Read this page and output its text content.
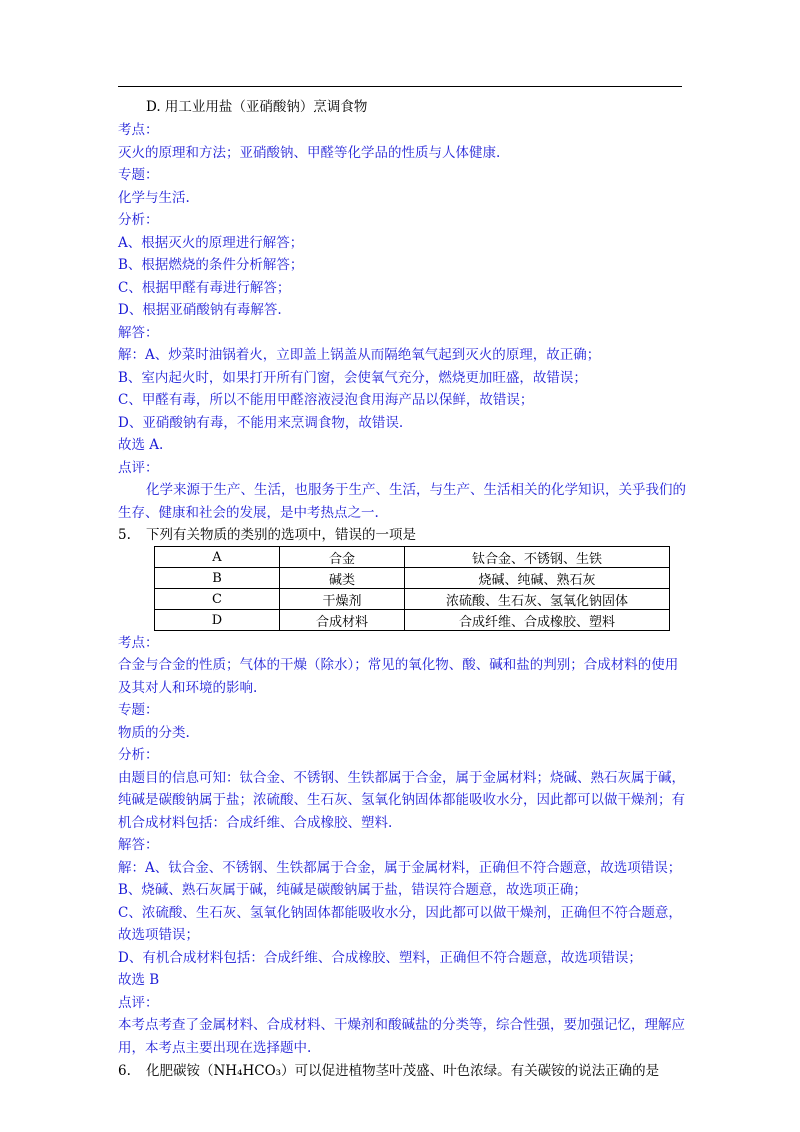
D. 用工业用盐（亚硝酸钠）烹调食物
考点：
灭火的原理和方法；亚硝酸钠、甲醛等化学品的性质与人体健康.
专题：
化学与生活.
分析：
A、根据灭火的原理进行解答；
B、根据燃烧的条件分析解答；
C、根据甲醛有毒进行解答；
D、根据亚硝酸钠有毒解答.
解答：
解：A、炒菜时油锅着火，立即盖上锅盖从而隔绝氧气起到灭火的原理，故正确；
B、室内起火时，如果打开所有门窗，会使氧气充分，燃烧更加旺盛，故错误；
C、甲醛有毒，所以不能用甲醛溶液浸泡食用海产品以保鲜，故错误；
D、亚硝酸钠有毒，不能用来烹调食物，故错误.
故选 A.
点评：
化学来源于生产、生活，也服务于生产、生活，与生产、生活相关的化学知识，关乎我们的
生存、健康和社会的发展，是中考热点之一.
5. 下列有关物质的类别的选项中，错误的一项是
A	合金	钛合金、不锈钢、生铁
B	碱类	烧碱、纯碱、熟石灰
C	干燥剂	浓硫酸、生石灰、氢氧化钠固体
D	合成材料	合成纤维、合成橡胶、塑料
考点：
合金与合金的性质；气体的干燥（除水）；常见的氧化物、酸、碱和盐的判别；合成材料的使用
及其对人和环境的影响.
专题：
物质的分类.
分析：
由题目的信息可知：钛合金、不锈钢、生铁都属于合金，属于金属材料；烧碱、熟石灰属于碱，
纯碱是碳酸钠属于盐；浓硫酸、生石灰、氢氧化钠固体都能吸收水分，因此都可以做干燥剂；有
机合成材料包括：合成纤维、合成橡胶、塑料.
解答：
解：A、钛合金、不锈钢、生铁都属于合金，属于金属材料，正确但不符合题意，故选项错误；
B、烧碱、熟石灰属于碱，纯碱是碳酸钠属于盐，错误符合题意，故选项正确；
C、浓硫酸、生石灰、氢氧化钠固体都能吸收水分，因此都可以做干燥剂，正确但不符合题意，
故选项错误；
D、有机合成材料包括：合成纤维、合成橡胶、塑料，正确但不符合题意，故选项错误；
故选 B
点评：
本考点考查了金属材料、合成材料、干燥剂和酸碱盐的分类等，综合性强，要加强记忆，理解应
用，本考点主要出现在选择题中.
6. 化肥碳铵（NH₄HCO₃）可以促进植物茎叶茂盛、叶色浓绿。有关碳铵的说法正确的是
